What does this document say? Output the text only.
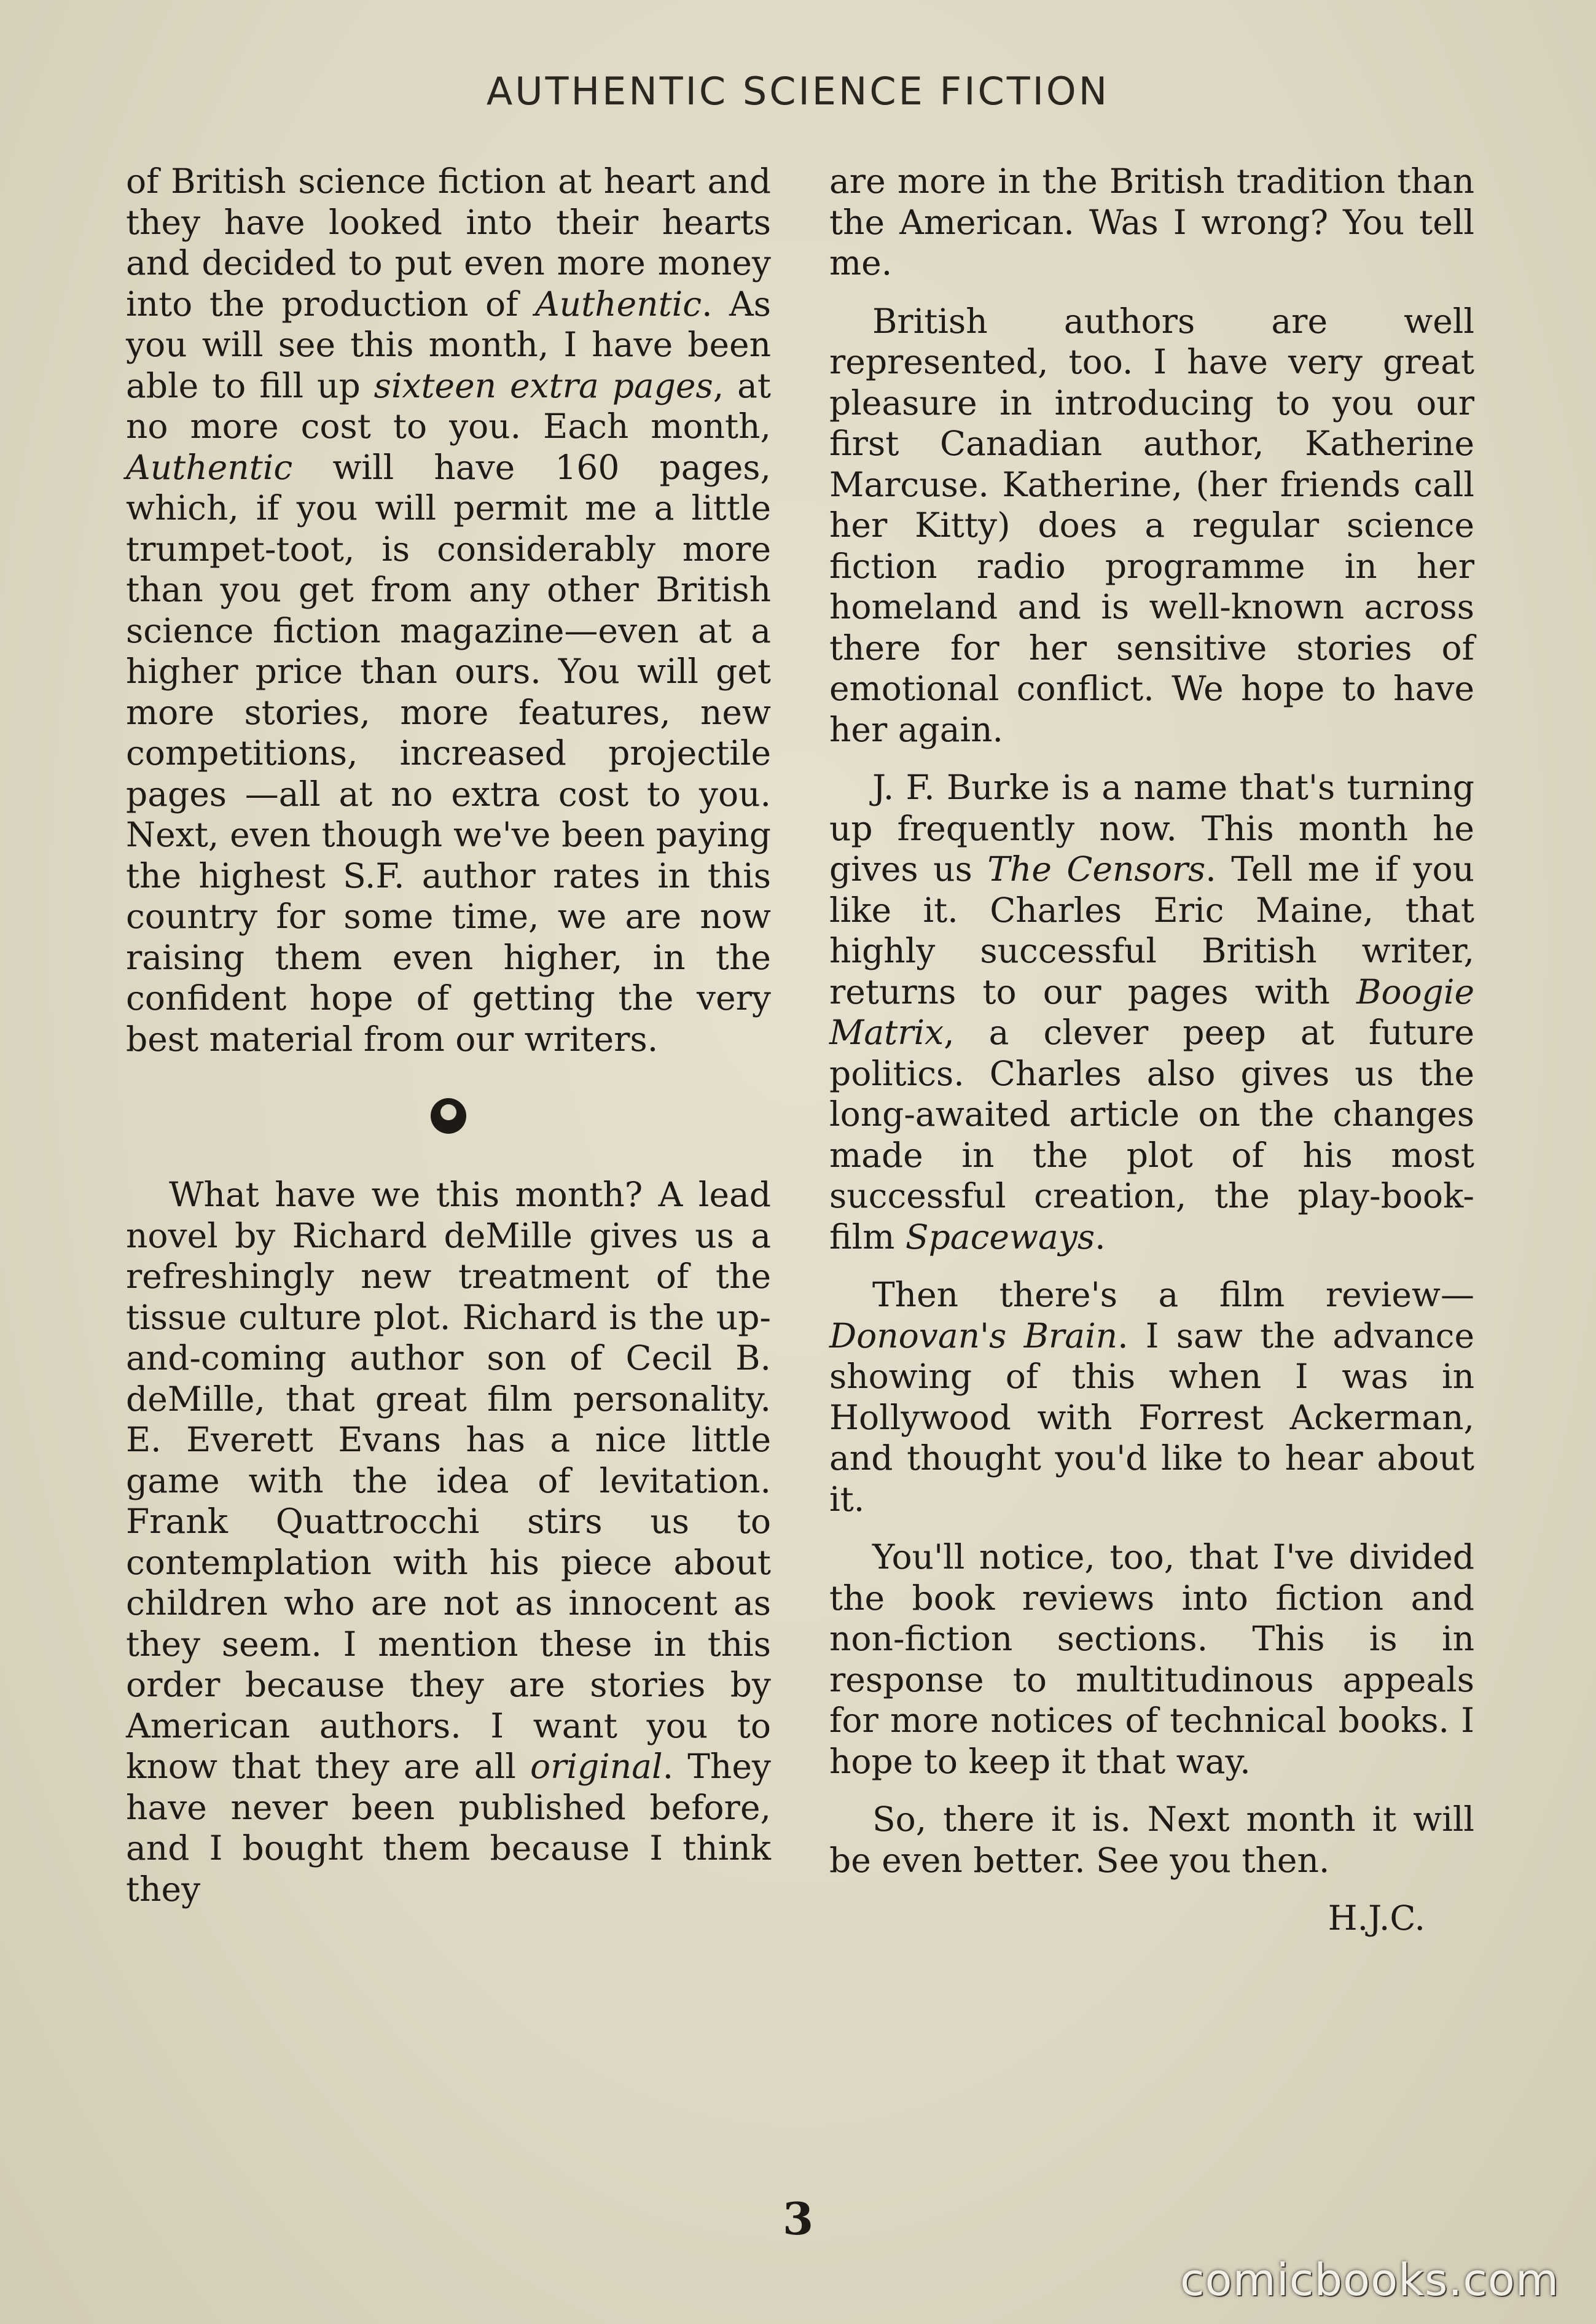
AUTHENTIC SCIENCE FICTION

of British science fiction at heart and they have looked into their hearts and decided to put even more money into the production of Authentic. As you will see this month, I have been able to fill up sixteen extra pages, at no more cost to you. Each month, Authentic will have 160 pages, which, if you will permit me a little trumpet-toot, is considerably more than you get from any other British science fiction magazine—even at a higher price than ours. You will get more stories, more features, new competitions, increased projectile pages —all at no extra cost to you. Next, even though we've been paying the highest S.F. author rates in this country for some time, we are now raising them even higher, in the confident hope of getting the very best material from our writers.

What have we this month? A lead novel by Richard deMille gives us a refreshingly new treatment of the tissue culture plot. Richard is the up-and-coming author son of Cecil B. deMille, that great film personality. E. Everett Evans has a nice little game with the idea of levitation. Frank Quattrocchi stirs us to contemplation with his piece about children who are not as innocent as they seem. I mention these in this order because they are stories by American authors. I want you to know that they are all original. They have never been published before, and I bought them because I think they

are more in the British tradition than the American. Was I wrong? You tell me.

British authors are well represented, too. I have very great pleasure in introducing to you our first Canadian author, Katherine Marcuse. Katherine, (her friends call her Kitty) does a regular science fiction radio programme in her homeland and is well-known across there for her sensitive stories of emotional conflict. We hope to have her again.

J. F. Burke is a name that's turning up frequently now. This month he gives us The Censors. Tell me if you like it. Charles Eric Maine, that highly successful British writer, returns to our pages with Boogie Matrix, a clever peep at future politics. Charles also gives us the long-awaited article on the changes made in the plot of his most successful creation, the play-book-film Spaceways.

Then there's a film review— Donovan's Brain. I saw the advance showing of this when I was in Hollywood with Forrest Ackerman, and thought you'd like to hear about it.

You'll notice, too, that I've divided the book reviews into fiction and non-fiction sections. This is in response to multitudinous appeals for more notices of technical books. I hope to keep it that way.

So, there it is. Next month it will be even better. See you then.

H.J.C.

3
comicbooks.com
